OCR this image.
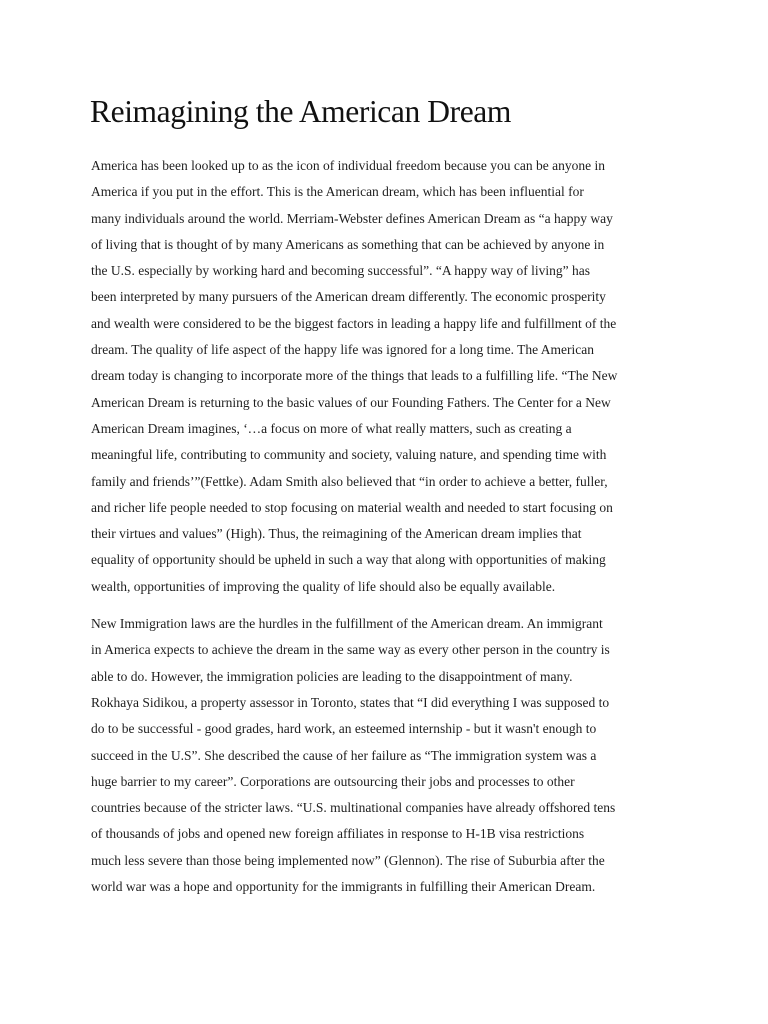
Reimagining the American Dream

America has been looked up to as the icon of individual freedom because you can be anyone in
America if you put in the effort. This is the American dream, which has been influential for
many individuals around the world. Merriam-Webster defines American Dream as “a happy way
of living that is thought of by many Americans as something that can be achieved by anyone in
the U.S. especially by working hard and becoming successful”. “A happy way of living” has
been interpreted by many pursuers of the American dream differently. The economic prosperity
and wealth were considered to be the biggest factors in leading a happy life and fulfillment of the
dream. The quality of life aspect of the happy life was ignored for a long time. The American
dream today is changing to incorporate more of the things that leads to a fulfilling life. “The New
American Dream is returning to the basic values of our Founding Fathers. The Center for a New
American Dream imagines, ‘…a focus on more of what really matters, such as creating a
meaningful life, contributing to community and society, valuing nature, and spending time with
family and friends’”(Fettke). Adam Smith also believed that “in order to achieve a better, fuller,
and richer life people needed to stop focusing on material wealth and needed to start focusing on
their virtues and values” (High). Thus, the reimagining of the American dream implies that
equality of opportunity should be upheld in such a way that along with opportunities of making
wealth, opportunities of improving the quality of life should also be equally available.

New Immigration laws are the hurdles in the fulfillment of the American dream. An immigrant
in America expects to achieve the dream in the same way as every other person in the country is
able to do. However, the immigration policies are leading to the disappointment of many.
Rokhaya Sidikou, a property assessor in Toronto, states that “I did everything I was supposed to
do to be successful - good grades, hard work, an esteemed internship - but it wasn't enough to
succeed in the U.S”. She described the cause of her failure as “The immigration system was a
huge barrier to my career”. Corporations are outsourcing their jobs and processes to other
countries because of the stricter laws. “U.S. multinational companies have already offshored tens
of thousands of jobs and opened new foreign affiliates in response to H-1B visa restrictions
much less severe than those being implemented now” (Glennon). The rise of Suburbia after the
world war was a hope and opportunity for the immigrants in fulfilling their American Dream.
